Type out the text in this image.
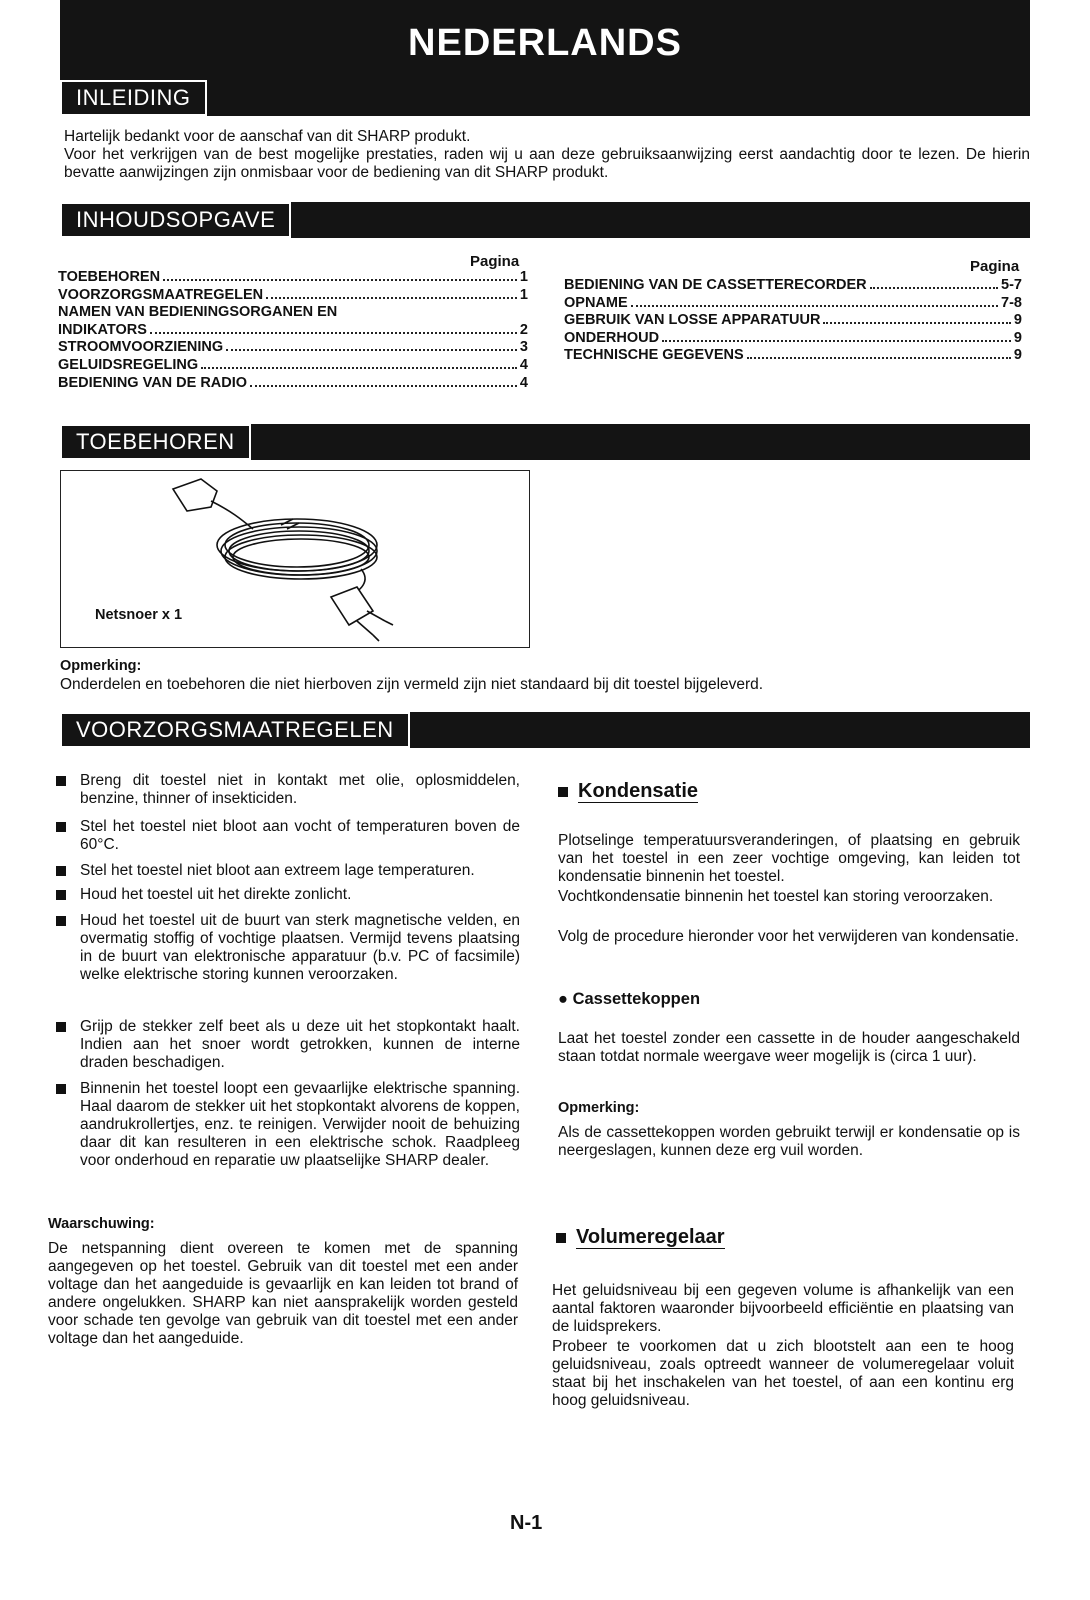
NEDERLANDS
INLEIDING
Hartelijk bedankt voor de aanschaf van dit SHARP produkt.
Voor het verkrijgen van de best mogelijke prestaties, raden wij u aan deze gebruiksaanwijzing eerst aandachtig door te lezen. De hierin bevatte aanwijzingen zijn onmisbaar voor de bediening van dit SHARP produkt.
INHOUDSOPGAVE
Pagina	Pagina
TOEBEHOREN	1
VOORZORGSMAATREGELEN	1
NAMEN VAN BEDIENINGSORGANEN EN
INDIKATORS	2
STROOMVOORZIENING	3
GELUIDSREGELING	4
BEDIENING VAN DE RADIO	4
BEDIENING VAN DE CASSETTERECORDER	5-7
OPNAME	7-8
GEBRUIK VAN LOSSE APPARATUUR	9
ONDERHOUD	9
TECHNISCHE GEGEVENS	9
TOEBEHOREN
Netsnoer x 1
Opmerking:
Onderdelen en toebehoren die niet hierboven zijn vermeld zijn niet standaard bij dit toestel bijgeleverd.
VOORZORGSMAATREGELEN
Breng dit toestel niet in kontakt met olie, oplosmiddelen, benzine, thinner of insekticiden.
Stel het toestel niet bloot aan vocht of temperaturen boven de 60°C.
Stel het toestel niet bloot aan extreem lage temperaturen.
Houd het toestel uit het direkte zonlicht.
Houd het toestel uit de buurt van sterk magnetische velden, en overmatig stoffig of vochtige plaatsen. Vermijd tevens plaatsing in de buurt van elektronische apparatuur (b.v. PC of facsimile) welke elektrische storing kunnen veroorzaken.
Grijp de stekker zelf beet als u deze uit het stopkontakt haalt. Indien aan het snoer wordt getrokken, kunnen de interne draden beschadigen.
Binnenin het toestel loopt een gevaarlijke elektrische spanning. Haal daarom de stekker uit het stopkontakt alvorens de koppen, aandrukrollertjes, enz. te reinigen. Verwijder nooit de behuizing daar dit kan resulteren in een elektrische schok. Raadpleeg voor onderhoud en reparatie uw plaatselijke SHARP dealer.
Waarschuwing:
De netspanning dient overeen te komen met de spanning aangegeven op het toestel. Gebruik van dit toestel met een ander voltage dan het aangeduide is gevaarlijk en kan leiden tot brand of andere ongelukken. SHARP kan niet aansprakelijk worden gesteld voor schade ten gevolge van gebruik van dit toestel met een ander voltage dan het aangeduide.
Kondensatie
Plotselinge temperatuursveranderingen, of plaatsing en gebruik van het toestel in een zeer vochtige omgeving, kan leiden tot kondensatie binnenin het toestel.
Vochtkondensatie binnenin het toestel kan storing veroorzaken.
Volg de procedure hieronder voor het verwijderen van kondensatie.
● Cassettekoppen
Laat het toestel zonder een cassette in de houder aangeschakeld staan totdat normale weergave weer mogelijk is (circa 1 uur).
Opmerking:
Als de cassettekoppen worden gebruikt terwijl er kondensatie op is neergeslagen, kunnen deze erg vuil worden.
Volumeregelaar
Het geluidsniveau bij een gegeven volume is afhankelijk van een aantal faktoren waaronder bijvoorbeeld efficiëntie en plaatsing van de luidsprekers.
Probeer te voorkomen dat u zich blootstelt aan een te hoog geluidsniveau, zoals optreedt wanneer de volumeregelaar voluit staat bij het inschakelen van het toestel, of aan een kontinu erg hoog geluidsniveau.
N-1
